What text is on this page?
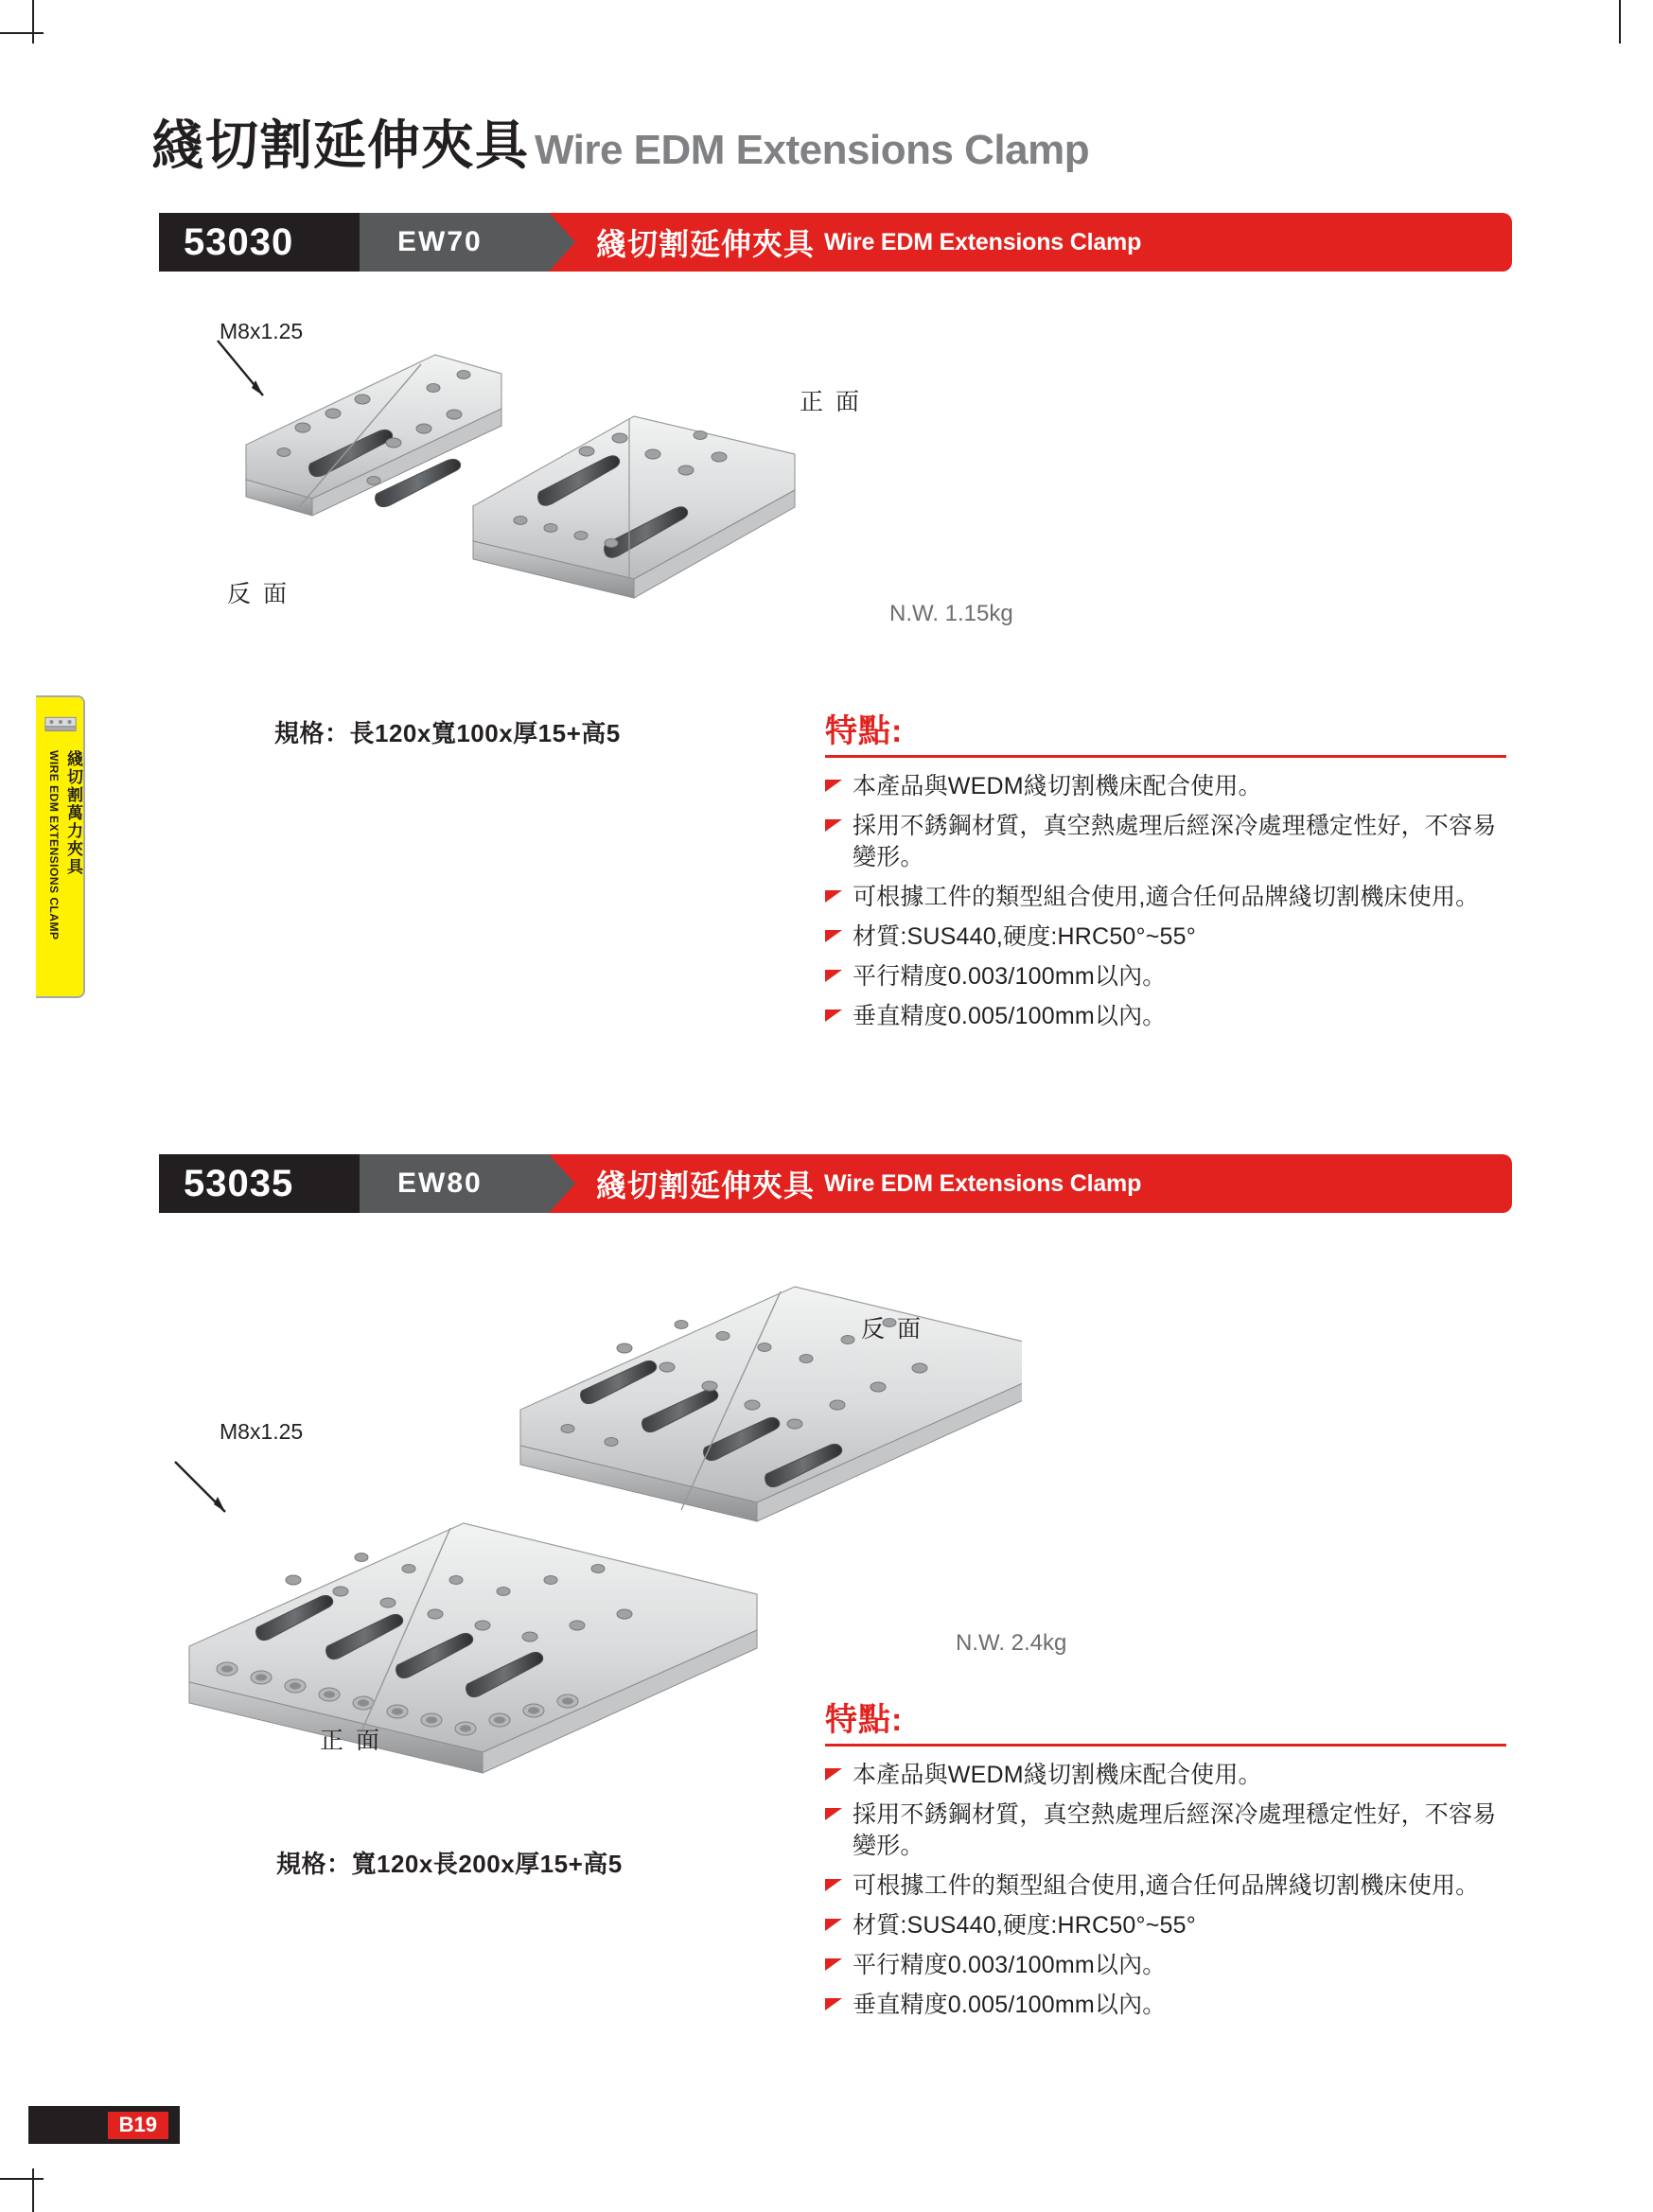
綫切割延伸夾具 Wire EDM Extensions Clamp
綫切割萬力夾具
WIRE EDM EXTENSIONS CLAMP
53030	EW70	綫切割延伸夾具 Wire EDM Extensions Clamp
M8x1.25
正 面
反 面
N.W. 1.15kg
規格：長120x寬100x厚15+高5	特點:
本產品與WEDM綫切割機床配合使用。
採用不銹鋼材質，真空熱處理后經深冷處理穩定性好，不容易變形。
可根據工件的類型組合使用,適合任何品牌綫切割機床使用。
材質:SUS440,硬度:HRC50°~55°
平行精度0.003/100mm以內。
垂直精度0.005/100mm以內。
53035	EW80	綫切割延伸夾具 Wire EDM Extensions Clamp
M8x1.25
反 面
正 面
N.W. 2.4kg
規格：寬120x長200x厚15+高5
特點:
本產品與WEDM綫切割機床配合使用。
採用不銹鋼材質，真空熱處理后經深冷處理穩定性好，不容易變形。
可根據工件的類型組合使用,適合任何品牌綫切割機床使用。
材質:SUS440,硬度:HRC50°~55°
平行精度0.003/100mm以內。
垂直精度0.005/100mm以內。
B19
